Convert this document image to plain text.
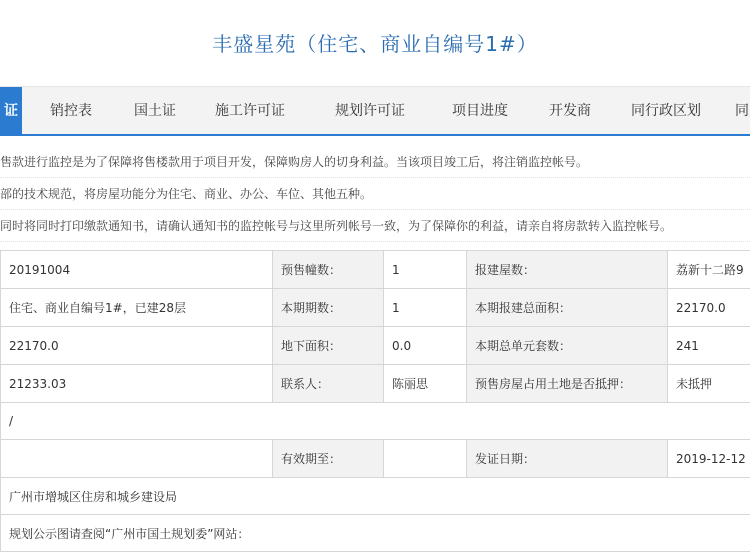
丰盛星苑（住宅、商业自编号1#）
证	销控表	国土证	施工许可证	规划许可证	项目进度	开发商	同行政区划	同
售款进行监控是为了保障将售楼款用于项目开发，保障购房人的切身利益。当该项目竣工后，将注销监控帐号。
部的技术规范，将房屋功能分为住宅、商业、办公、车位、其他五种。
同时将同时打印缴款通知书，请确认通知书的监控帐号与这里所列帐号一致，为了保障你的利益，请亲自将房款转入监控帐号。
20191004	预售幢数：	1	报建屋数：	荔新十二路9
住宅、商业自编号1#，已建28层	本期期数：	1	本期报建总面积：	22170.0
22170.0	地下面积：	0.0	本期总单元套数：	241
21233.03	联系人：	陈丽思	预售房屋占用土地是否抵押：	未抵押
/				
	有效期至：		发证日期：	2019-12-12
广州市增城区住房和城乡建设局				
规划公示图请查阅“广州市国土规划委”网站：				
